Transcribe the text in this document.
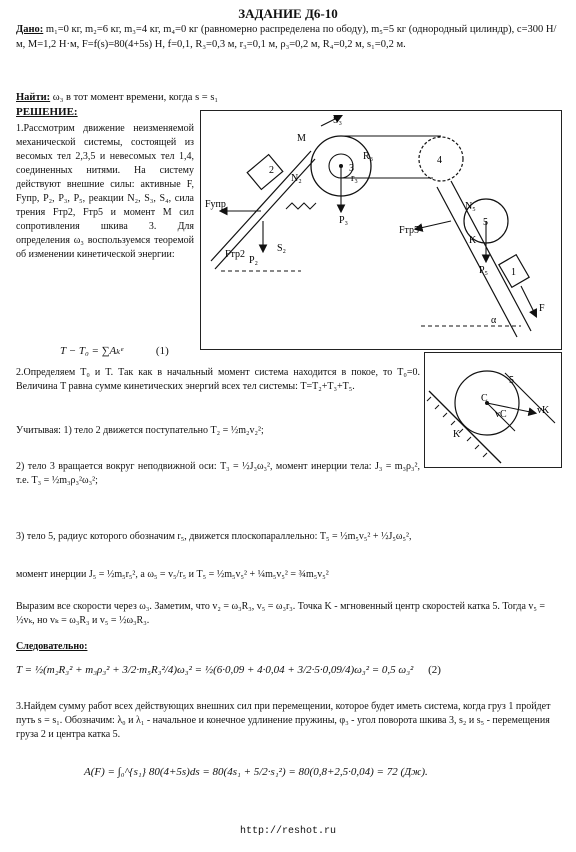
ЗАДАНИЕ Д6-10
Дано: m₁=0 кг, m₂=6 кг, m₃=4 кг, m₄=0 кг (равномерно распределена по ободу), m₅=5 кг (однородный цилиндр), c=300 Н/м, M=1,2 Н·м, F=f(s)=80(4+5s) Н, f=0,1, R₃=0,3 м, r₃=0,1 м, ρ₃=0,2 м, R₄=0,2 м, s₁=0,2 м.
Найти: ω₃ в тот момент времени, когда s = s₁
РЕШЕНИЕ:
1.Рассмотрим движение неизменяемой механической системы, состоящей из весомых тел 2,3,5 и невесомых тел 1,4, соединенных нитями. На систему действуют внешние силы: активные F, Fупр, P₂, P₃, P₅, реакции N₂, S₃, S₄, сила трения Fтр2, Fтр5 и момент M сил сопротивления шкива 3. Для определения ω₃ воспользуемся теоремой об изменении кинетической энергии:
S₃
M
P₃
r₃
R₃
Fупр
P₂
Fтр2
S₂
N₂
2	3
4
5
1
Fтр5
N₅
P₅
K
F
α
C
5
vK
vC
K
T − T₀ = ∑Aₖᵉ	(1)
2.Определяем T₀ и T. Так как в начальный момент система находится в покое, то T₀=0. Величина T равна сумме кинетических энергий всех тел системы: T=T₂+T₃+T₅.
Учитывая: 1) тело 2 движется поступательно T₂ = ½m₂v₂²;
2) тело 3 вращается вокруг неподвижной оси: T₃ = ½J₃ω₃², момент инерции тела: J₃ = m₃ρ₃², т.е. T₃ = ½m₃ρ₃²ω₃²;
3) тело 5, радиус которого обозначим r₅, движется плоскопараллельно: T₅ = ½m₅v₅² + ½J₅ω₅²,
момент инерции J₅ = ½m₅r₅², а ω₅ = v₅/r₅ и T₅ = ½m₅v₅² + ¼m₅v₅² = ¾m₅v₅²
Выразим все скорости через ω₃. Заметим, что v₂ = ω₃R₃, v₅ = ω₃r₃. Точка K - мгновенный центр скоростей катка 5. Тогда v₅ = ½vₖ, но vₖ = ω₃R₃ и v₅ = ½ω₃R₃.
Следовательно:
T = ½(m₂R₃² + m₃ρ₃² + 3/2·m₅R₃²/4)ω₃² = ½(6·0,09 + 4·0,04 + 3/2·5·0,09/4)ω₃² = 0,5 ω₃² (2)
3.Найдем сумму работ всех действующих внешних сил при перемещении, которое будет иметь система, когда груз 1 пройдет путь s = s₁. Обозначим: λ₀ и λ₁ - начальное и конечное удлинение пружины, φ₃ - угол поворота шкива 3, s₂ и s₅ - перемещения груза 2 и центра катка 5.
A(F) = ∫₀^{s₁} 80(4+5s)ds = 80(4s₁ + 5/2·s₁²) = 80(0,8+2,5·0,04) = 72 (Дж).
http://reshot.ru
